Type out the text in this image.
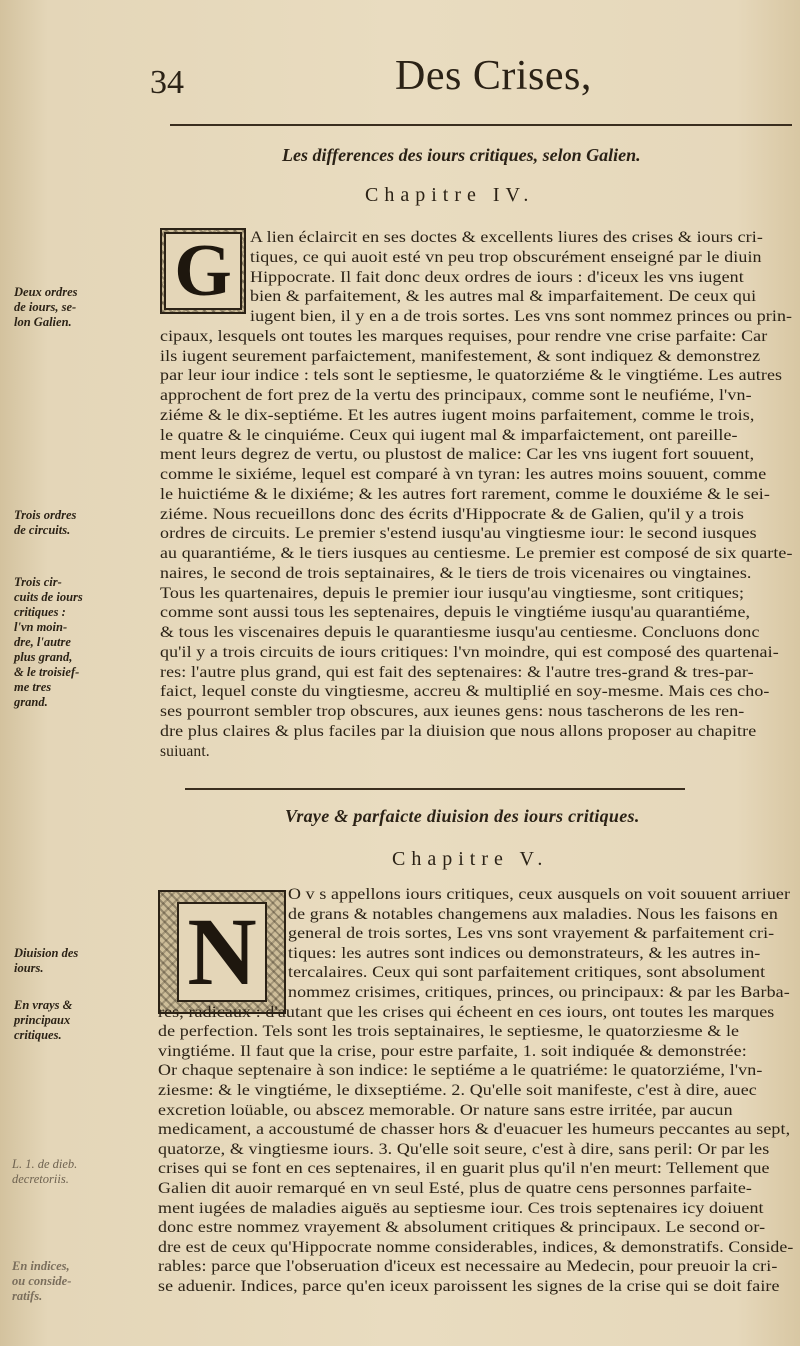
34	Des Crises,
Les differences des iours critiques, selon Galien.
Chapitre IV.
G	A lien éclaircit en ses doctes & excellents liures des crises & iours cri-
tiques, ce qui auoit esté vn peu trop obscurément enseigné par le diuin
Hippocrate. Il fait donc deux ordres de iours : d'iceux les vns iugent
bien & parfaitement, & les autres mal & imparfaitement. De ceux qui
iugent bien, il y en a de trois sortes. Les vns sont nommez princes ou prin-
cipaux, lesquels ont toutes les marques requises, pour rendre vne crise parfaite: Car
ils iugent seurement parfaictement, manifestement, & sont indiquez & demonstrez
par leur iour indice : tels sont le septiesme, le quatorziéme & le vingtiéme. Les autres
approchent de fort prez de la vertu des principaux, comme sont le neufiéme, l'vn-
ziéme & le dix-septiéme. Et les autres iugent moins parfaitement, comme le trois,
le quatre & le cinquiéme. Ceux qui iugent mal & imparfaictement, ont pareille-
ment leurs degrez de vertu, ou plustost de malice: Car les vns iugent fort souuent,
comme le sixiéme, lequel est comparé à vn tyran: les autres moins souuent, comme
le huictiéme & le dixiéme; & les autres fort rarement, comme le douxiéme & le sei-
ziéme. Nous recueillons donc des écrits d'Hippocrate & de Galien, qu'il y a trois
ordres de circuits. Le premier s'estend iusqu'au vingtiesme iour: le second iusques
au quarantiéme, & le tiers iusques au centiesme. Le premier est composé de six quarte-
naires, le second de trois septainaires, & le tiers de trois vicenaires ou vingtaines.
Tous les quartenaires, depuis le premier iour iusqu'au vingtiesme, sont critiques;
comme sont aussi tous les septenaires, depuis le vingtiéme iusqu'au quarantiéme,
& tous les viscenaires depuis le quarantiesme iusqu'au centiesme. Concluons donc
qu'il y a trois circuits de iours critiques: l'vn moindre, qui est composé des quartenai-
res: l'autre plus grand, qui est fait des septenaires: & l'autre tres-grand & tres-par-
faict, lequel conste du vingtiesme, accreu & multiplié en soy-mesme. Mais ces cho-
ses pourront sembler trop obscures, aux ieunes gens: nous tascherons de les ren-
dre plus claires & plus faciles par la diuision que nous allons proposer au chapitre
suiuant.
Deux ordres
de iours, se-
lon Galien.
Trois ordres
de circuits.
Trois cir-
cuits de iours
critiques :
l'vn moin-
dre, l'autre
plus grand,
& le troisief-
me tres
grand.
Vraye & parfaicte diuision des iours critiques.
Chapitre V.
N
O v s appellons iours critiques, ceux ausquels on voit souuent arriuer
de grans & notables changemens aux maladies. Nous les faisons en
general de trois sortes, Les vns sont vrayement & parfaitement cri-
tiques: les autres sont indices ou demonstrateurs, & les autres in-
tercalaires. Ceux qui sont parfaitement critiques, sont absolument
nommez crisimes, critiques, princes, ou principaux: & par les Barba-
res, radicaux : d'autant que les crises qui écheent en ces iours, ont toutes les marques
de perfection. Tels sont les trois septainaires, le septiesme, le quatorziesme & le
vingtiéme. Il faut que la crise, pour estre parfaite, 1. soit indiquée & demonstrée:
Or chaque septenaire à son indice: le septiéme a le quatriéme: le quatorziéme, l'vn-
ziesme: & le vingtiéme, le dixseptiéme. 2. Qu'elle soit manifeste, c'est à dire, auec
excretion loüable, ou abscez memorable. Or nature sans estre irritée, par aucun
medicament, a accoustumé de chasser hors & d'euacuer les humeurs peccantes au sept,
quatorze, & vingtiesme iours. 3. Qu'elle soit seure, c'est à dire, sans peril: Or par les
crises qui se font en ces septenaires, il en guarit plus qu'il n'en meurt: Tellement que
Galien dit auoir remarqué en vn seul Esté, plus de quatre cens personnes parfaite-
ment iugées de maladies aiguës au septiesme iour. Ces trois septenaires icy doiuent
donc estre nommez vrayement & absolument critiques & principaux. Le second or-
dre est de ceux qu'Hippocrate nomme considerables, indices, & demonstratifs. Conside-
rables: parce que l'obseruation d'iceux est necessaire au Medecin, pour preuoir la cri-
se aduenir. Indices, parce qu'en iceux paroissent les signes de la crise qui se doit faire
Diuision des
iours.
En vrays &
principaux
critiques.
L. 1. de dieb.
decretoriis.
En indices,
ou conside-
ratifs.
